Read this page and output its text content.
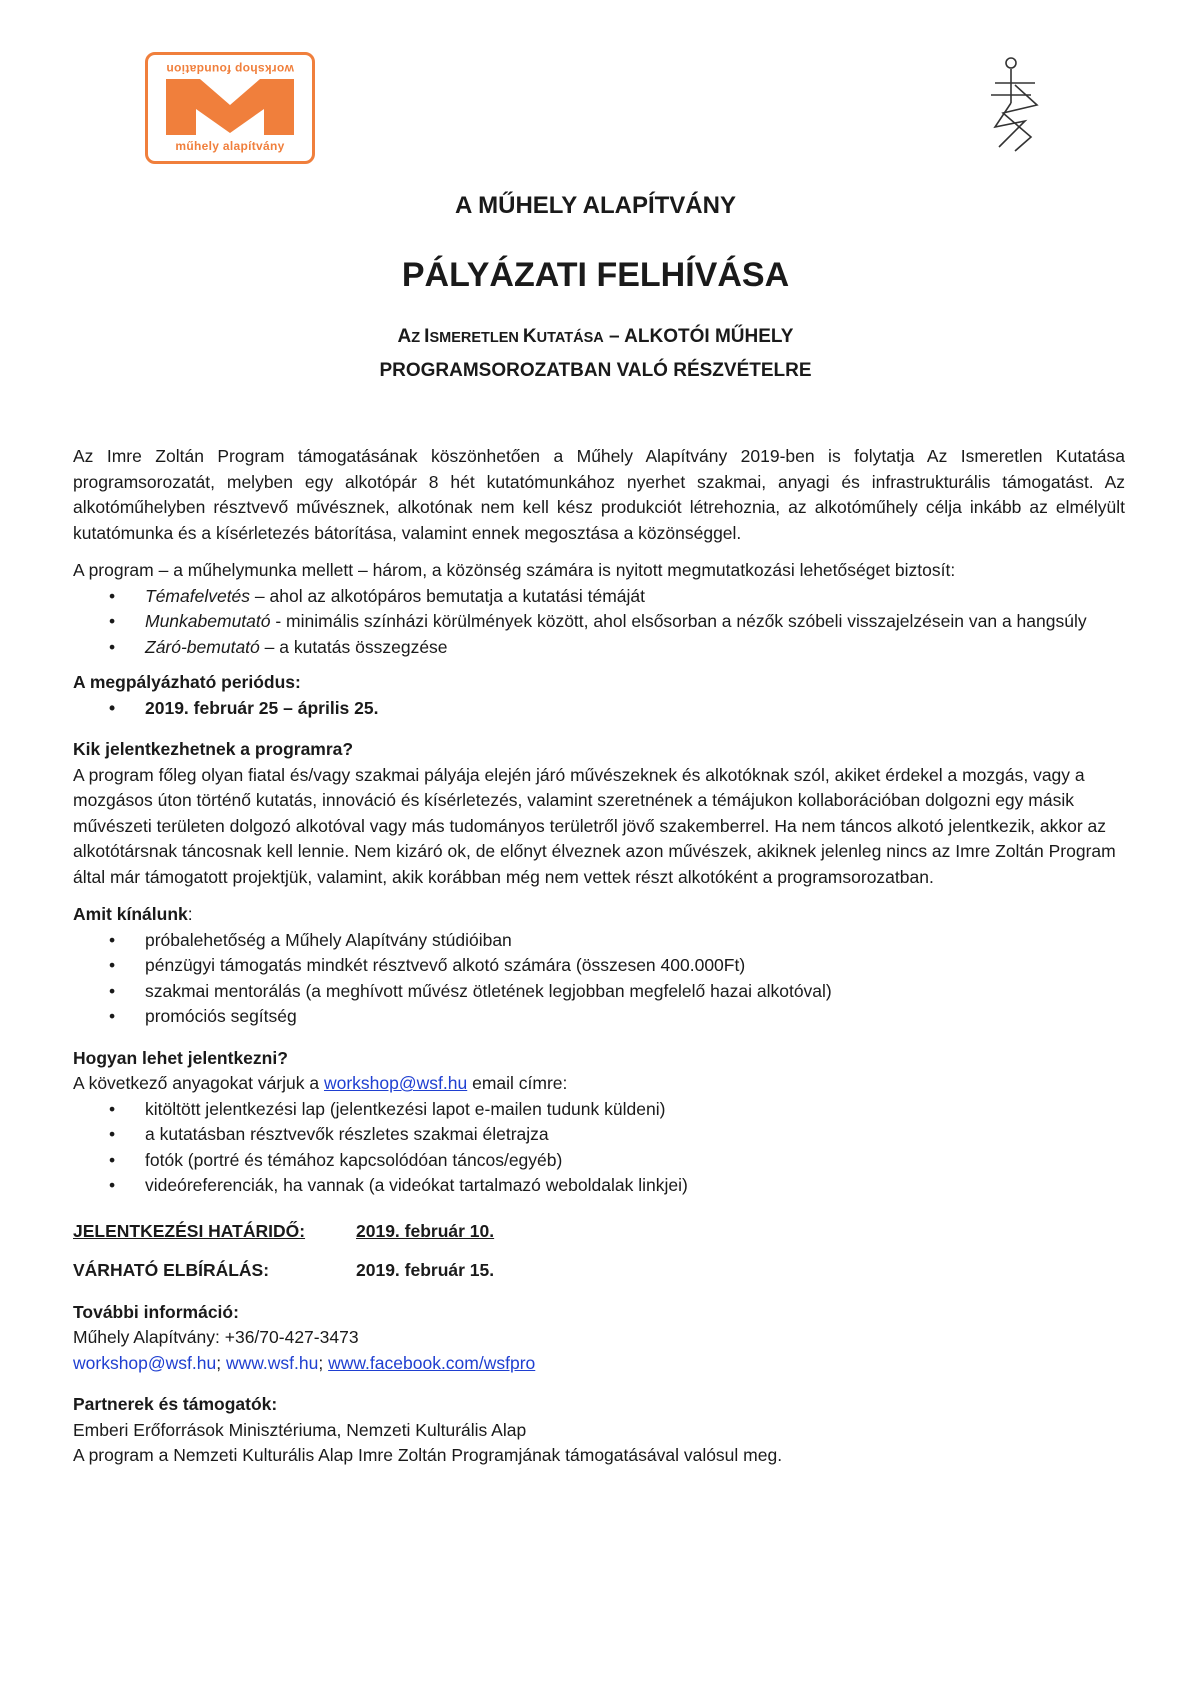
workshop foundation
műhely alapítvány
A MŰHELY ALAPÍTVÁNY
PÁLYÁZATI FELHÍVÁSA
AZ ISMERETLEN KUTATÁSA – ALKOTÓI MŰHELY
PROGRAMSOROZATBAN VALÓ RÉSZVÉTELRE

Az Imre Zoltán Program támogatásának köszönhetően a Műhely Alapítvány 2019-ben is folytatja Az Ismeretlen Kutatása programsorozatát, melyben egy alkotópár 8 hét kutatómunkához nyerhet szakmai, anyagi és infrastrukturális támogatást. Az alkotóműhelyben résztvevő művésznek, alkotónak nem kell kész produkciót létrehoznia, az alkotóműhely célja inkább az elmélyült kutatómunka és a kísérletezés bátorítása, valamint ennek megosztása a közönséggel.

A program – a műhelymunka mellett – három, a közönség számára is nyitott megmutatkozási lehetőséget biztosít:

• Témafelvetés – ahol az alkotópáros bemutatja a kutatási témáját
• Munkabemutató - minimális színházi körülmények között, ahol elsősorban a nézők szóbeli visszajelzésein van a hangsúly
• Záró-bemutató – a kutatás összegzése

A megpályázható periódus:

• 2019. február 25 – április 25.

Kik jelentkezhetnek a programra?

A program főleg olyan fiatal és/vagy szakmai pályája elején járó művészeknek és alkotóknak szól, akiket érdekel a mozgás, vagy a mozgásos úton történő kutatás, innováció és kísérletezés, valamint szeretnének a témájukon kollaborációban dolgozni egy másik művészeti területen dolgozó alkotóval vagy más tudományos területről jövő szakemberrel. Ha nem táncos alkotó jelentkezik, akkor az alkotótársnak táncosnak kell lennie. Nem kizáró ok, de előnyt élveznek azon művészek, akiknek jelenleg nincs az Imre Zoltán Program által már támogatott projektjük, valamint, akik korábban még nem vettek részt alkotóként a programsorozatban.

Amit kínálunk:

• próbalehetőség a Műhely Alapítvány stúdióiban
• pénzügyi támogatás mindkét résztvevő alkotó számára (összesen 400.000Ft)
• szakmai mentorálás (a meghívott művész ötletének legjobban megfelelő hazai alkotóval)
• promóciós segítség

Hogyan lehet jelentkezni?

A következő anyagokat várjuk a workshop@wsf.hu email címre:

• kitöltött jelentkezési lap (jelentkezési lapot e-mailen tudunk küldeni)
• a kutatásban résztvevők részletes szakmai életrajza
• fotók (portré és témához kapcsolódóan táncos/egyéb)
• videóreferenciák, ha vannak (a videókat tartalmazó weboldalak linkjei)
JELENTKEZÉSI HATÁRIDŐ:	2019. február 10.
VÁRHATÓ ELBÍRÁLÁS:	2019. február 15.

További információ:

Műhely Alapítvány: +36/70-427-3473

workshop@wsf.hu; www.wsf.hu; www.facebook.com/wsfpro

Partnerek és támogatók:

Emberi Erőforrások Minisztériuma, Nemzeti Kulturális Alap

A program a Nemzeti Kulturális Alap Imre Zoltán Programjának támogatásával valósul meg.
